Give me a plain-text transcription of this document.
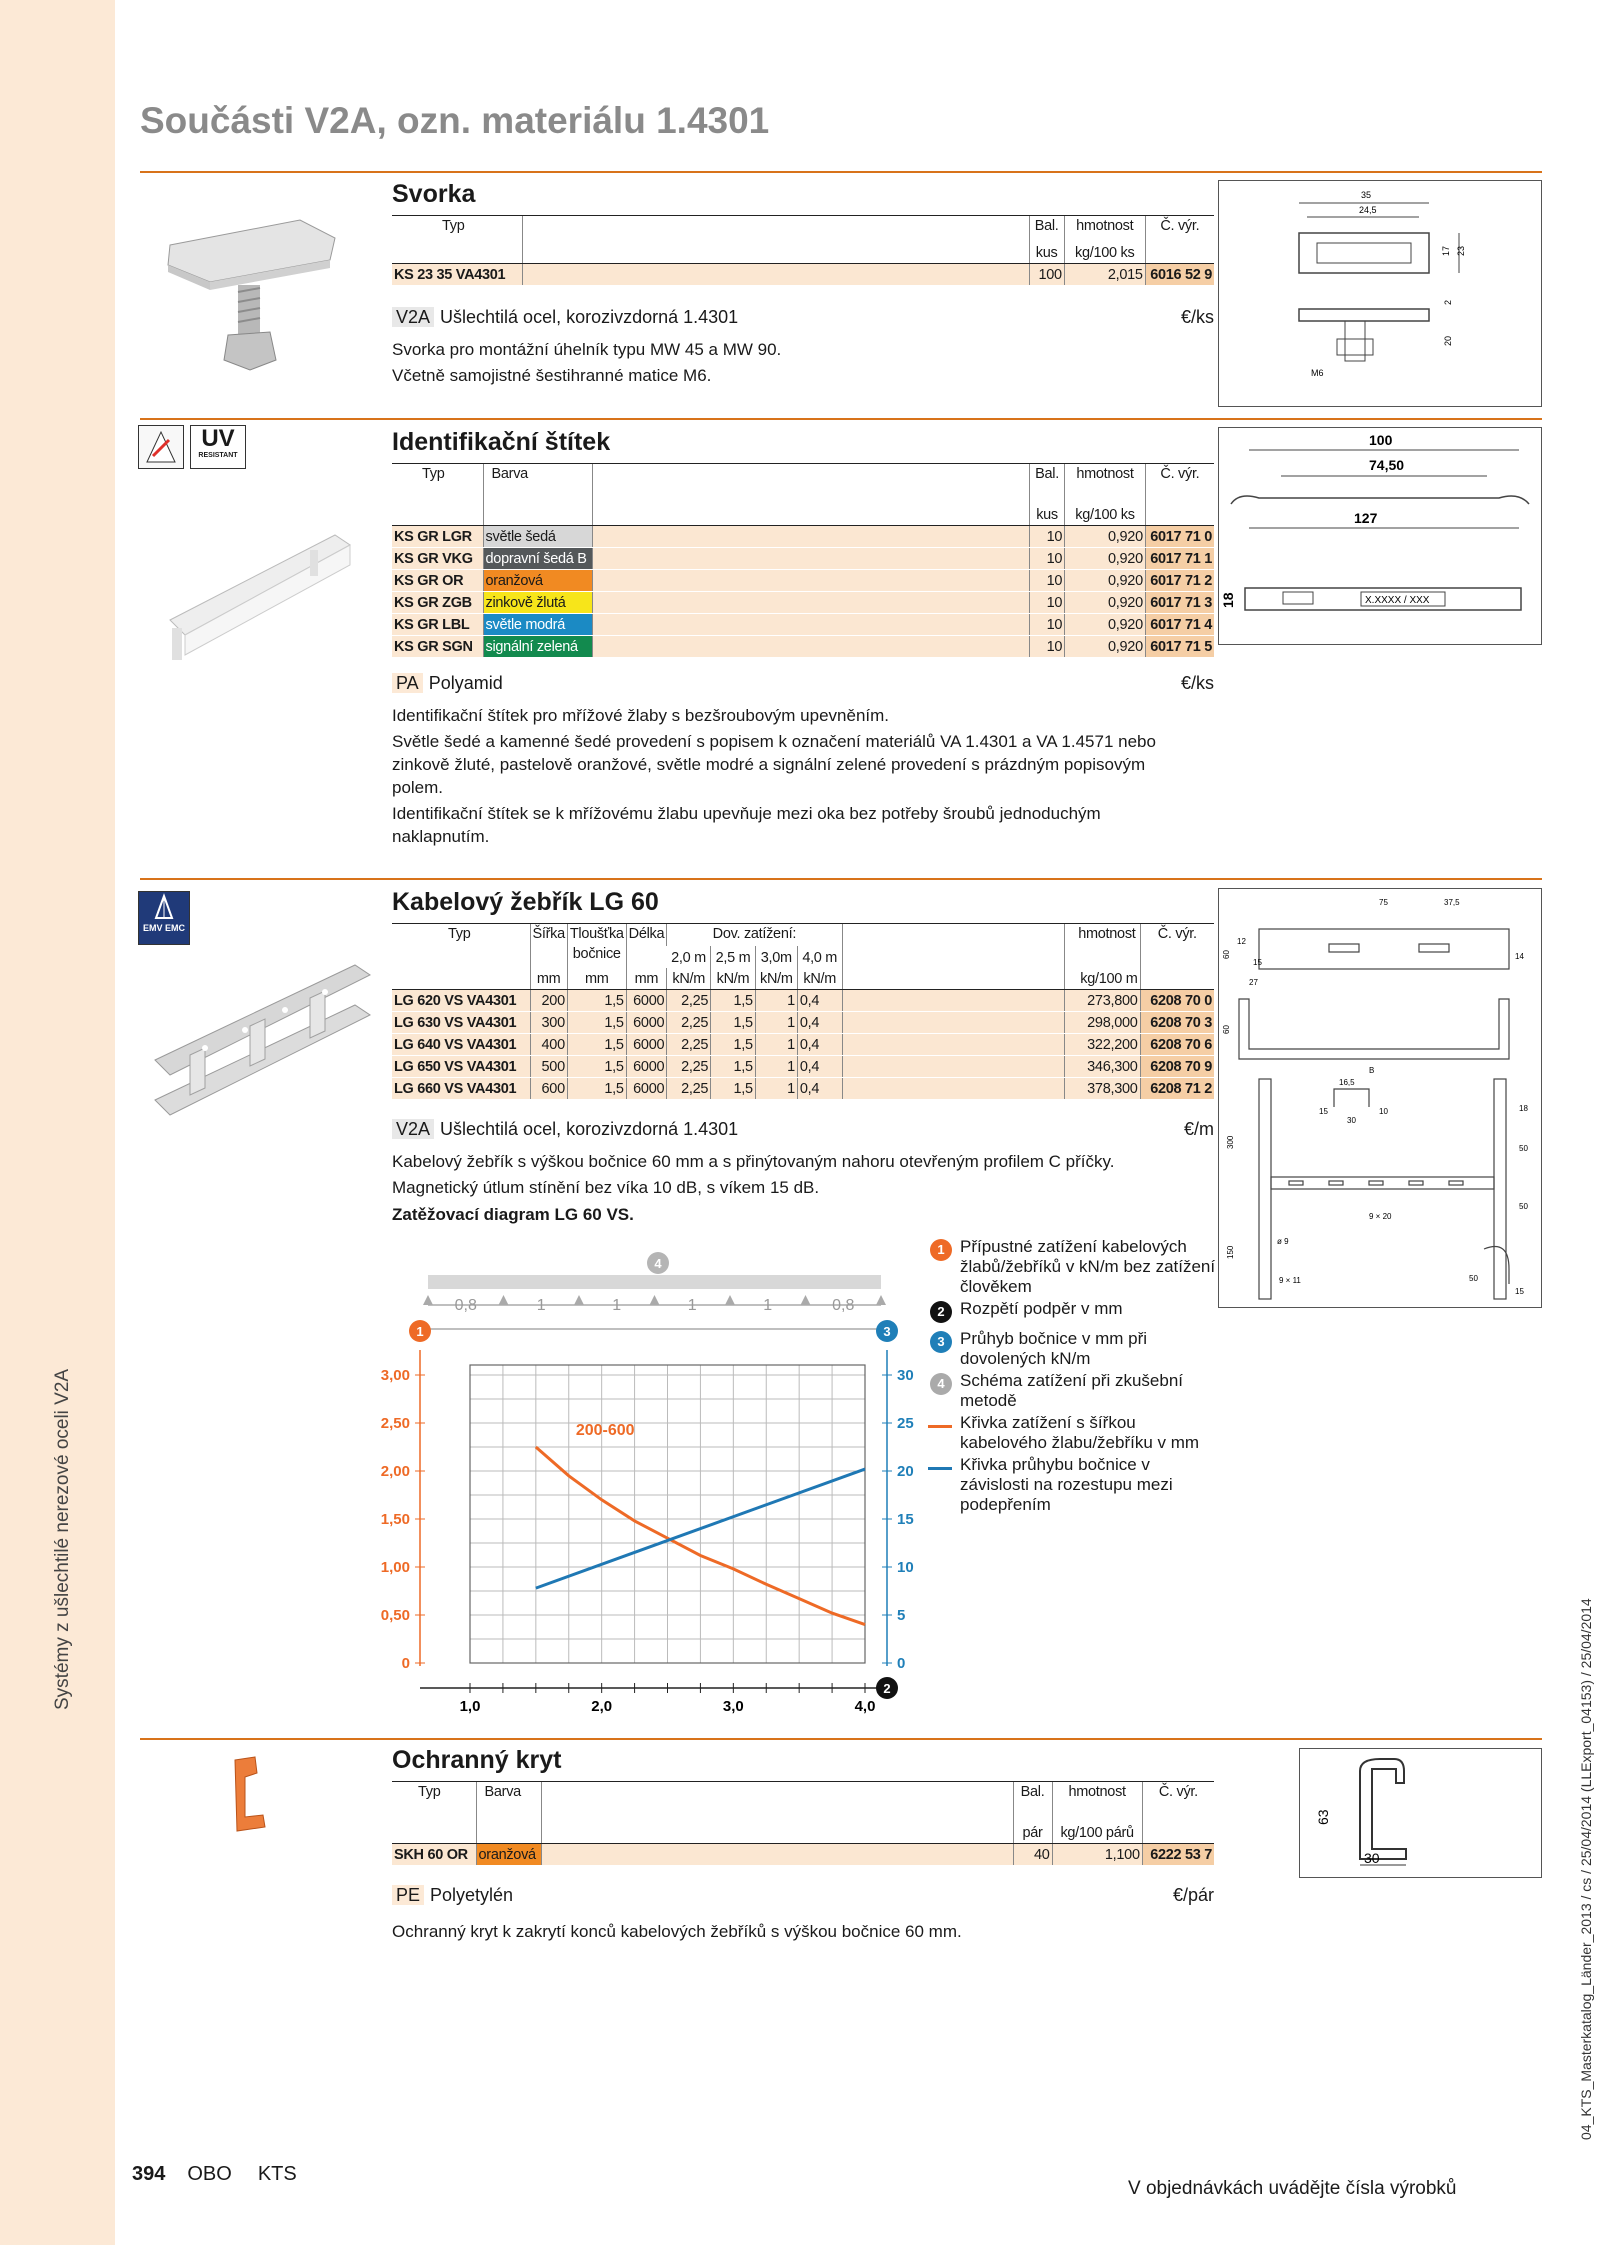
Systémy z ušlechtilé nerezové oceli V2A
04_KTS_Masterkatalog_Länder_2013 / cs / 25/04/2014 (LLExport_04153) / 25/04/2014
Součásti V2A, ozn. materiálu 1.4301
Svorka
Typ		Bal.	hmotnost	Č. výr.
		kus	kg/100 ks	
KS 23 35 VA4301		100	2,015	6016 52 9
V2A Ušlechtilá ocel, korozivzdorná 1.4301	€/ks

Svorka pro montážní úhelník typu MW 45 a MW 90.

Včetně samojistné šestihranné matice M6.

35
24,5
17 23
2
20
M6
UV
RESISTANT	Identifikační štítek
Typ	Barva		Bal.	hmotnost	Č. výr.
			kus	kg/100 ks	
KS GR LGR	světle šedá		10	0,920	6017 71 0
KS GR VKG	dopravní šedá B		10	0,920	6017 71 1
KS GR OR	oranžová		10	0,920	6017 71 2
KS GR ZGB	zinkově žlutá		10	0,920	6017 71 3
KS GR LBL	světle modrá		10	0,920	6017 71 4
KS GR SGN	signální zelená		10	0,920	6017 71 5
PA Polyamid	€/ks

Identifikační štítek pro mřížové žlaby s bezšroubovým upevněním.

Světle šedé a kamenné šedé provedení s popisem k označení materiálů VA 1.4301 a VA 1.4571 nebo zinkově žluté, pastelově oranžové, světle modré a signální zelené provedení s prázdným popisovým polem.

Identifikační štítek se k mřížovému žlabu upevňuje mezi oka bez potřeby šroubů jednoduchým naklapnutím.

100
74,50
127
X.XXXX / XXX
18
EMV EMC
Kabelový žebřík LG 60
Typ	Šířka	Tloušťka
bočnice	Délka	Dov. zatížení:					hmotnost	Č. výr.
				2,0 m	2,5 m	3,0m	4,0 m			
	mm	mm	mm	kN/m	kN/m	kN/m	kN/m		kg/100 m	
LG 620 VS VA4301	200	1,5	6000	2,25	1,5	1	0,4		273,800	6208 70 0
LG 630 VS VA4301	300	1,5	6000	2,25	1,5	1	0,4		298,000	6208 70 3
LG 640 VS VA4301	400	1,5	6000	2,25	1,5	1	0,4		322,200	6208 70 6
LG 650 VS VA4301	500	1,5	6000	2,25	1,5	1	0,4		346,300	6208 70 9
LG 660 VS VA4301	600	1,5	6000	2,25	1,5	1	0,4		378,300	6208 71 2
V2A Ušlechtilá ocel, korozivzdorná 1.4301	€/m

Kabelový žebřík s výškou bočnice 60 mm a s přinýtovaným nahoru otevřeným profilem C příčky.

Magnetický útlum stínění bez víka 10 dB, s víkem 15 dB.

Zatěžovací diagram LG 60 VS.
0
0,50
1,00
1,50
2,00
2,50
3,00
0
5
10
15
20
25
30
1,0	2,0	3,0	4,0
0,8	1	1	1	1	0,8
4
1	3
2
200-600
1 Přípustné zatížení kabelových žlabů/žebříků v kN/m bez zatížení člověkem
2 Rozpětí podpěr v mm
3 Průhyb bočnice v mm při dovolených kN/m
4 Schéma zatížení při zkušební metodě
Křivka zatížení s šířkou kabelového žlabu/žebříku v mm
Křivka průhybu bočnice v závislosti na rozestupu mezi podepřením
12
75	37,5
60
15
14
27
60
B
16,5
15	10
30
18
50
50
9 × 20
300
150
ø 9
9 × 11	50
15
Ochranný kryt
Typ	Barva		Bal.	hmotnost	Č. výr.
			pár	kg/100 párů	
SKH 60 OR	oranžová		40	1,100	6222 53 7
PE Polyetylén	€/pár

Ochranný kryt k zakrytí konců kabelových žebříků s výškou bočnice 60 mm.

63
30
394 OBO KTS
V objednávkách uvádějte čísla výrobků
